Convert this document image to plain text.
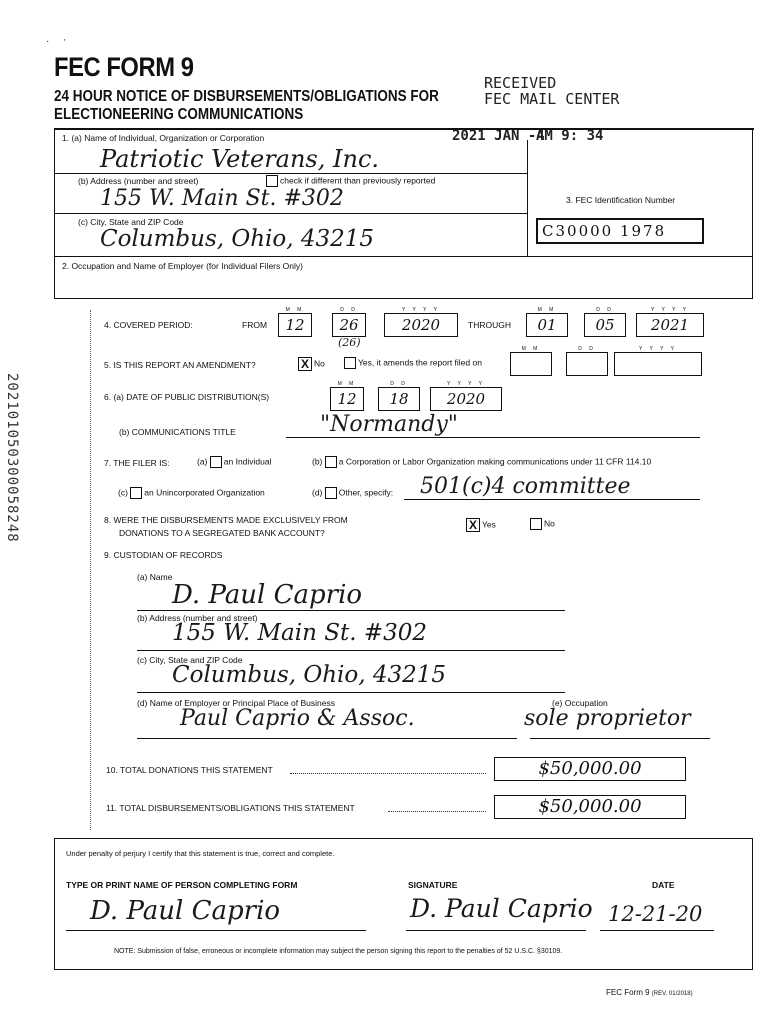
· '
FEC FORM 9
24 HOUR NOTICE OF DISBURSEMENTS/OBLIGATIONS FOR
ELECTIONEERING COMMUNICATIONS
RECEIVED
FEC MAIL CENTER
2021 JAN -4
AM 9: 34
202101050300058248
1. (a) Name of Individual, Organization or Corporation
Patriotic Veterans, Inc.
(b) Address (number and street)	check if different than previously reported
155 W. Main St. #302
(c) City, State and ZIP Code
Columbus, Ohio, 43215
3. FEC Identification Number
C30000 1978
2. Occupation and Name of Employer (for Individual Filers Only)
4. COVERED PERIOD:	FROM
M M
12
D D
26
Y Y Y Y
2020
(26)
THROUGH
M M
01
D D
05
Y Y Y Y
2021
5. IS THIS REPORT AN AMENDMENT?	X No	Yes, it amends the report filed on
M M	D D	Y Y Y Y
6. (a) DATE OF PUBLIC DISTRIBUTION(S)
M M
12
D D
18
Y Y Y Y
2020
(b) COMMUNICATIONS TITLE	"Normandy"
7. THE FILER IS:	(a) an Individual	(b) a Corporation or Labor Organization making communications under 11 CFR 114.10
(c) an Unincorporated Organization	(d) Other, specify: 501(c)4 committee
8. WERE THE DISBURSEMENTS MADE EXCLUSIVELY FROM
DONATIONS TO A SEGREGATED BANK ACCOUNT?
X Yes	No
9. CUSTODIAN OF RECORDS
(a) Name
D. Paul Caprio
(b) Address (number and street)
155 W. Main St. #302
(c) City, State and ZIP Code
Columbus, Ohio, 43215
(d) Name of Employer or Principal Place of Business
Paul Caprio & Assoc.
(e) Occupation
sole proprietor
10. TOTAL DONATIONS THIS STATEMENT	$50,000.00
11. TOTAL DISBURSEMENTS/OBLIGATIONS THIS STATEMENT	$50,000.00
Under penalty of perjury I certify that this statement is true, correct and complete.
TYPE OR PRINT NAME OF PERSON COMPLETING FORM
D. Paul Caprio
SIGNATURE
D. Paul Caprio
DATE
12-21-20
NOTE: Submission of false, erroneous or incomplete information may subject the person signing this report to the penalties of 52 U.S.C. §30109.
FEC Form 9 (REV. 01/2018)
